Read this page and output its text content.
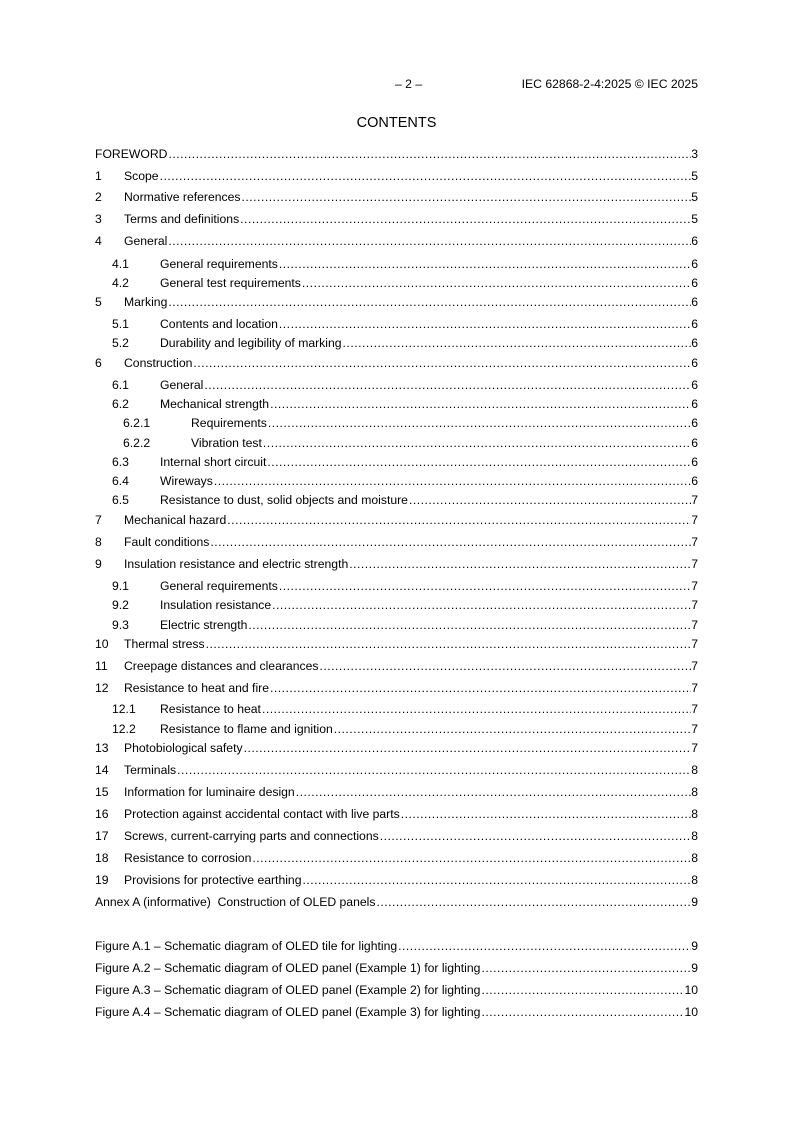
– 2 –	IEC 62868-2-4:2025 © IEC 2025
CONTENTS
FOREWORD .....	3
1	Scope .....	5
2	Normative references .....	5
3	Terms and definitions .....	5
4	General .....	6
4.1	General requirements .....	6
4.2	General test requirements .....	6
5	Marking .....	6
5.1	Contents and location .....	6
5.2	Durability and legibility of marking .....	6
6	Construction .....	6
6.1	General .....	6
6.2	Mechanical strength .....	6
6.2.1	Requirements .....	6
6.2.2	Vibration test .....	6
6.3	Internal short circuit .....	6
6.4	Wireways .....	6
6.5	Resistance to dust, solid objects and moisture .....	7
7	Mechanical hazard .....	7
8	Fault conditions .....	7
9	Insulation resistance and electric strength .....	7
9.1	General requirements .....	7
9.2	Insulation resistance .....	7
9.3	Electric strength .....	7
10	Thermal stress .....	7
11	Creepage distances and clearances .....	7
12	Resistance to heat and fire .....	7
12.1	Resistance to heat .....	7
12.2	Resistance to flame and ignition .....	7
13	Photobiological safety .....	7
14	Terminals .....	8
15	Information for luminaire design .....	8
16	Protection against accidental contact with live parts .....	8
17	Screws, current-carrying parts and connections .....	8
18	Resistance to corrosion .....	8
19	Provisions for protective earthing .....	8
Annex A (informative)  Construction of OLED panels .....	9
Figure A.1 – Schematic diagram of OLED tile for lighting .....	9
Figure A.2 – Schematic diagram of OLED panel (Example 1) for lighting .....	9
Figure A.3 – Schematic diagram of OLED panel (Example 2) for lighting .....	10
Figure A.4 – Schematic diagram of OLED panel (Example 3) for lighting .....	10
